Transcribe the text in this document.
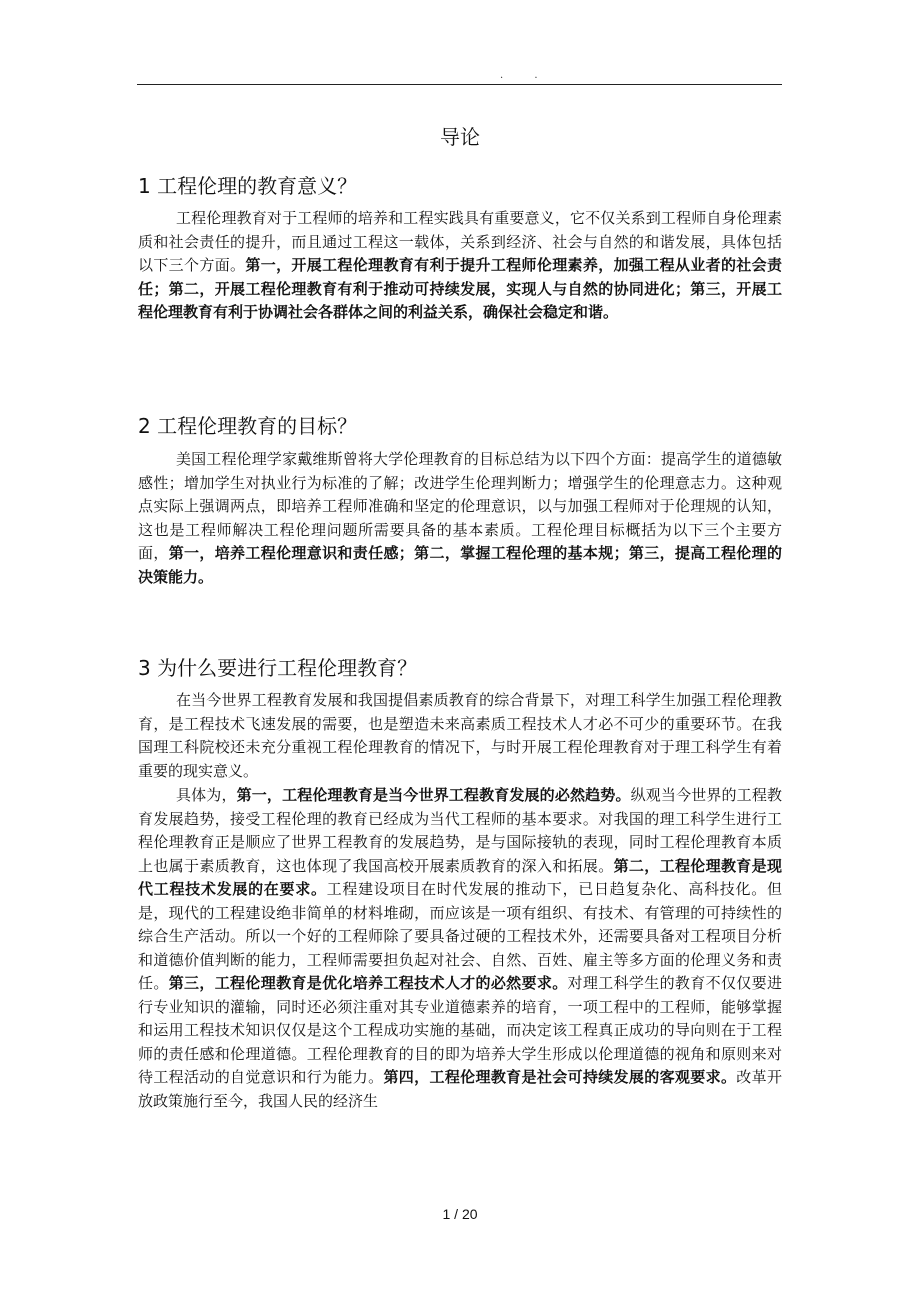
. .
导论
1 工程伦理的教育意义？

工程伦理教育对于工程师的培养和工程实践具有重要意义，它不仅关系到工程师自身伦理素质和社会责任的提升，而且通过工程这一载体，关系到经济、社会与自然的和谐发展，具体包括以下三个方面。第一，开展工程伦理教育有利于提升工程师伦理素养，加强工程从业者的社会责任；第二，开展工程伦理教育有利于推动可持续发展，实现人与自然的协同进化；第三，开展工程伦理教育有利于协调社会各群体之间的利益关系，确保社会稳定和谐。

2 工程伦理教育的目标？

美国工程伦理学家戴维斯曾将大学伦理教育的目标总结为以下四个方面：提高学生的道德敏感性；增加学生对执业行为标准的了解；改进学生伦理判断力；增强学生的伦理意志力。这种观点实际上强调两点，即培养工程师准确和坚定的伦理意识，以与加强工程师对于伦理规的认知，这也是工程师解决工程伦理问题所需要具备的基本素质。工程伦理目标概括为以下三个主要方面，第一，培养工程伦理意识和责任感；第二，掌握工程伦理的基本规；第三，提高工程伦理的决策能力。

3 为什么要进行工程伦理教育？

在当今世界工程教育发展和我国提倡素质教育的综合背景下，对理工科学生加强工程伦理教育，是工程技术飞速发展的需要，也是塑造未来高素质工程技术人才必不可少的重要环节。在我国理工科院校还未充分重视工程伦理教育的情况下，与时开展工程伦理教育对于理工科学生有着重要的现实意义。

具体为，第一，工程伦理教育是当今世界工程教育发展的必然趋势。纵观当今世界的工程教育发展趋势，接受工程伦理的教育已经成为当代工程师的基本要求。对我国的理工科学生进行工程伦理教育正是顺应了世界工程教育的发展趋势，是与国际接轨的表现，同时工程伦理教育本质上也属于素质教育，这也体现了我国高校开展素质教育的深入和拓展。第二，工程伦理教育是现代工程技术发展的在要求。工程建设项目在时代发展的推动下，已日趋复杂化、高科技化。但是，现代的工程建设绝非简单的材料堆砌，而应该是一项有组织、有技术、有管理的可持续性的综合生产活动。所以一个好的工程师除了要具备过硬的工程技术外，还需要具备对工程项目分析和道德价值判断的能力，工程师需要担负起对社会、自然、百姓、雇主等多方面的伦理义务和责任。第三，工程伦理教育是优化培养工程技术人才的必然要求。对理工科学生的教育不仅仅要进行专业知识的灌输，同时还必须注重对其专业道德素养的培育，一项工程中的工程师，能够掌握和运用工程技术知识仅仅是这个工程成功实施的基础，而决定该工程真正成功的导向则在于工程师的责任感和伦理道德。工程伦理教育的目的即为培养大学生形成以伦理道德的视角和原则来对待工程活动的自觉意识和行为能力。第四，工程伦理教育是社会可持续发展的客观要求。改革开放政策施行至今，我国人民的经济生

1 / 20
